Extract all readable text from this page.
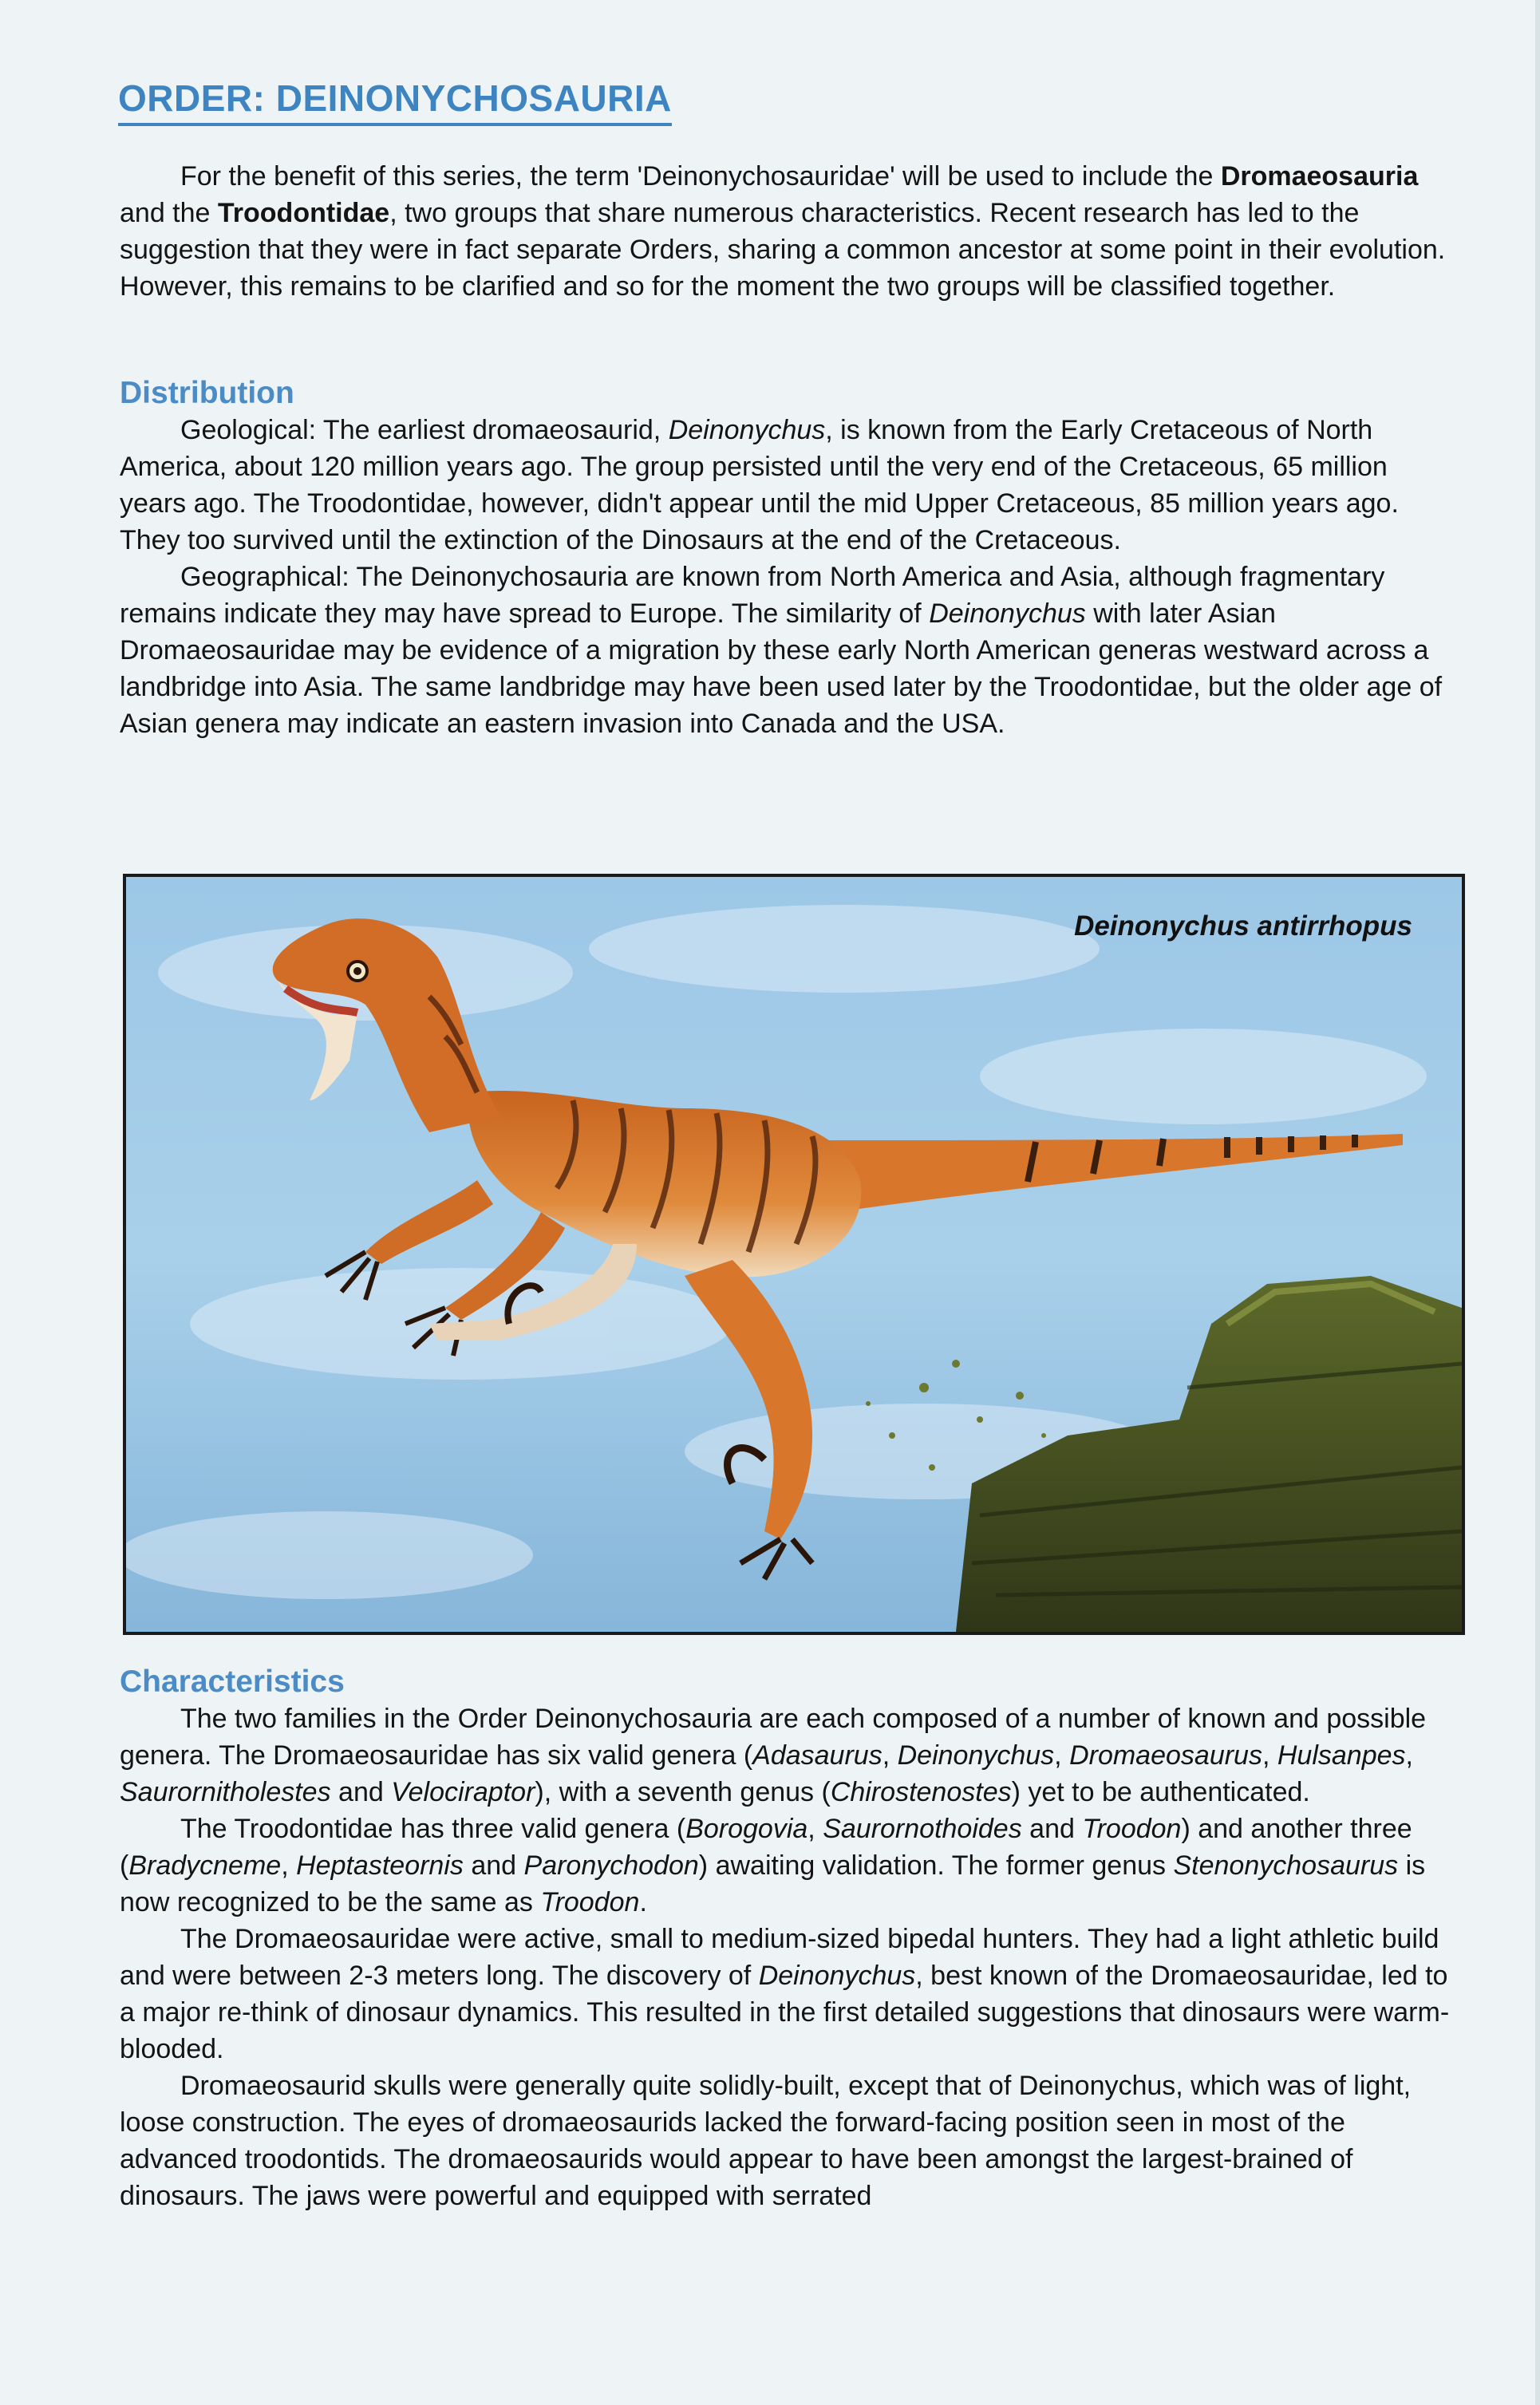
ORDER: DEINONYCHOSAURIA

For the benefit of this series, the term 'Deinonychosauridae' will be used to include the Dromaeosauria and the Troodontidae, two groups that share numerous characteristics. Recent research has led to the suggestion that they were in fact separate Orders, sharing a common ancestor at some point in their evolution. However, this remains to be clarified and so for the moment the two groups will be classified together.

Distribution

Geological: The earliest dromaeosaurid, Deinonychus, is known from the Early Cretaceous of North America, about 120 million years ago. The group persisted until the very end of the Cretaceous, 65 million years ago. The Troodontidae, however, didn't appear until the mid Upper Cretaceous, 85 million years ago. They too survived until the extinction of the Dinosaurs at the end of the Cretaceous.

Geographical: The Deinonychosauria are known from North America and Asia, although fragmentary remains indicate they may have spread to Europe. The similarity of Deinonychus with later Asian Dromaeosauridae may be evidence of a migration by these early North American generas westward across a landbridge into Asia. The same landbridge may have been used later by the Troodontidae, but the older age of Asian genera may indicate an eastern invasion into Canada and the USA.

Deinonychus antirrhopus
Characteristics

The two families in the Order Deinonychosauria are each composed of a number of known and possible genera. The Dromaeosauridae has six valid genera (Adasaurus, Deinonychus, Dromaeosaurus, Hulsanpes, Saurornitholestes and Velociraptor), with a seventh genus (Chirostenostes) yet to be authenticated.

The Troodontidae has three valid genera (Borogovia, Saurornothoides and Troodon) and another three (Bradycneme, Heptasteornis and Paronychodon) awaiting validation. The former genus Stenonychosaurus is now recognized to be the same as Troodon.

The Dromaeosauridae were active, small to medium-sized bipedal hunters. They had a light athletic build and were between 2-3 meters long. The discovery of Deinonychus, best known of the Dromaeosauridae, led to a major re-think of dinosaur dynamics. This resulted in the first detailed suggestions that dinosaurs were warm-blooded.

Dromaeosaurid skulls were generally quite solidly-built, except that of Deinonychus, which was of light, loose construction. The eyes of dromaeosaurids lacked the forward-facing position seen in most of the advanced troodontids. The dromaeosaurids would appear to have been amongst the largest-brained of dinosaurs. The jaws were powerful and equipped with serrated
